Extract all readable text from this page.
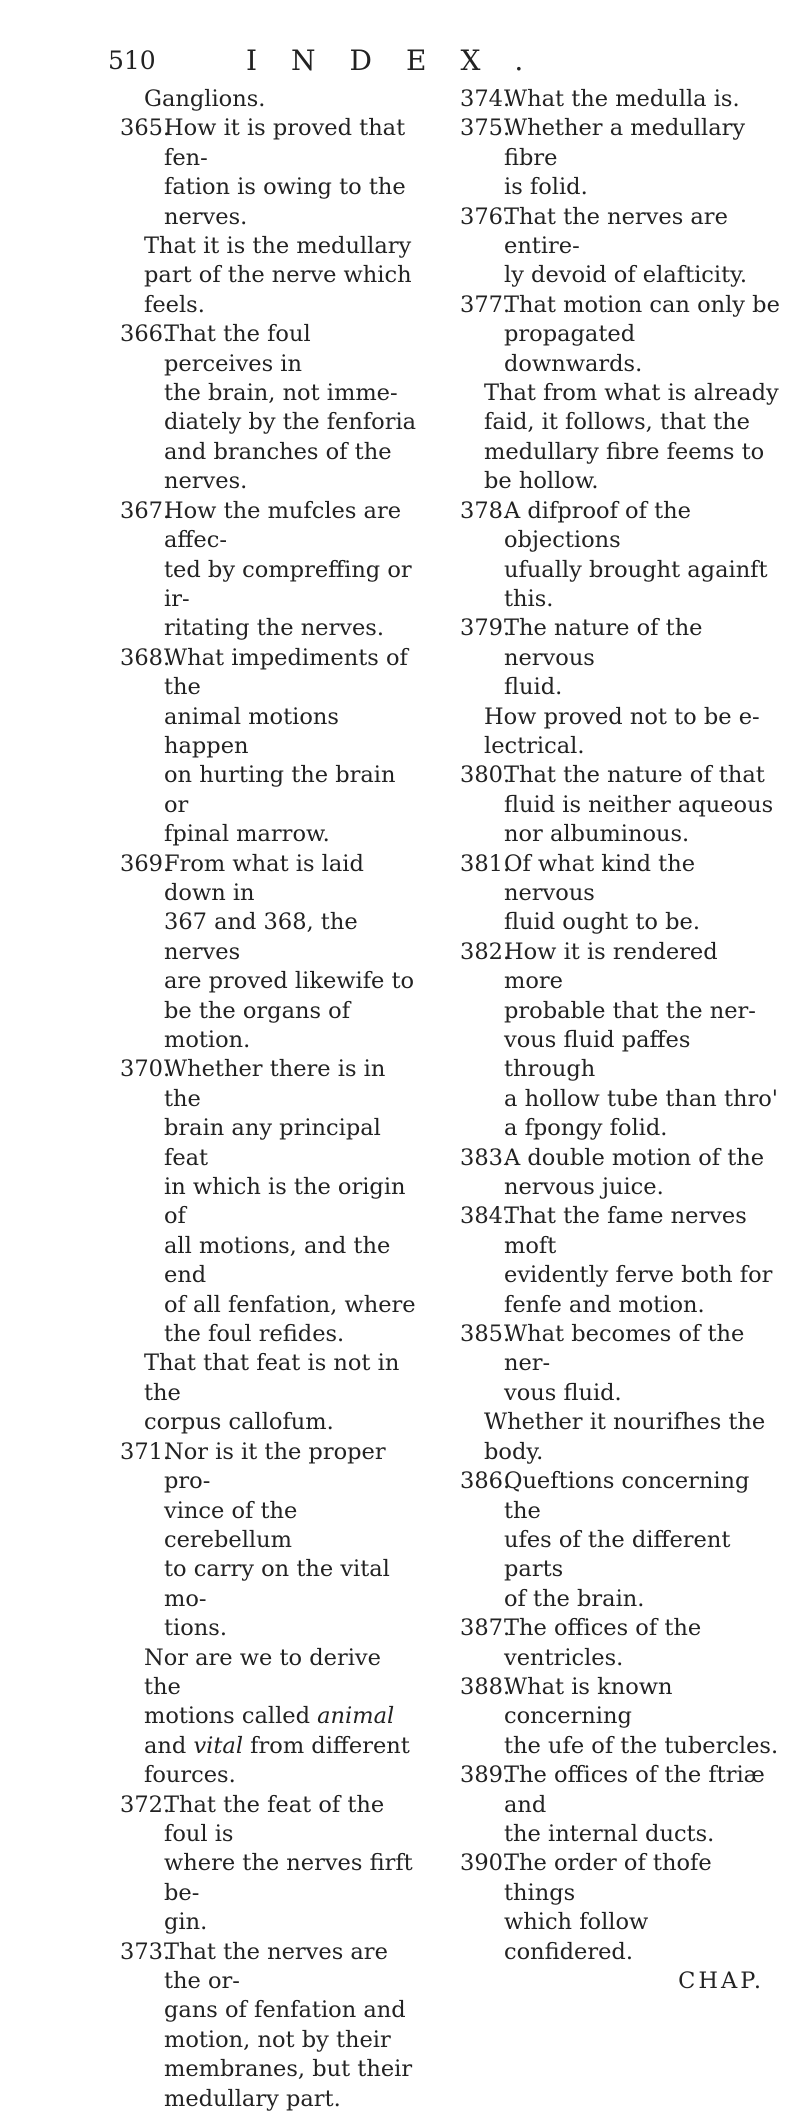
510	INDEX.
Ganglions.
365.
How it is proved that fen-
fation is owing to the
nerves.
That it is the medullary
part of the nerve which
feels.
366.
That the foul perceives in
the brain, not imme-
diately by the fenforia
and branches of the
nerves.
367.
How the mufcles are affec-
ted by compreffing or ir-
ritating the nerves.
368.
What impediments of the
animal motions happen
on hurting the brain or
fpinal marrow.
369.
From what is laid down in
367 and 368, the nerves
are proved likewife to
be the organs of motion.
370.
Whether there is in the
brain any principal feat
in which is the origin of
all motions, and the end
of all fenfation, where
the foul refides.
That that feat is not in the
corpus callofum.
371.
Nor is it the proper pro-
vince of the cerebellum
to carry on the vital mo-
tions.
Nor are we to derive the
motions called animal
and vital from different
fources.
372.
That the feat of the foul is
where the nerves firft be-
gin.
373.
That the nerves are the or-
gans of fenfation and
motion, not by their
membranes, but their
medullary part.
374.
What the medulla is.
375.
Whether a medullary fibre
is folid.
376.
That the nerves are entire-
ly devoid of elafticity.
377.
That motion can only be
propagated downwards.
That from what is already
faid, it follows, that the
medullary fibre feems to
be hollow.
378.
A difproof of the objections
ufually brought againft
this.
379.
The nature of the nervous
fluid.
How proved not to be e-
lectrical.
380.
That the nature of that
fluid is neither aqueous
nor albuminous.
381.
Of what kind the nervous
fluid ought to be.
382.
How it is rendered more
probable that the ner-
vous fluid paffes through
a hollow tube than thro'
a fpongy folid.
383.
A double motion of the
nervous juice.
384.
That the fame nerves moft
evidently ferve both for
fenfe and motion.
385.
What becomes of the ner-
vous fluid.
Whether it nourifhes the
body.
386.
Queftions concerning the
ufes of the different parts
of the brain.
387.
The offices of the ventricles.
388.
What is known concerning
the ufe of the tubercles.
389.
The offices of the ftriæ and
the internal ducts.
390.
The order of thofe things
which follow confidered.
CHAP.
